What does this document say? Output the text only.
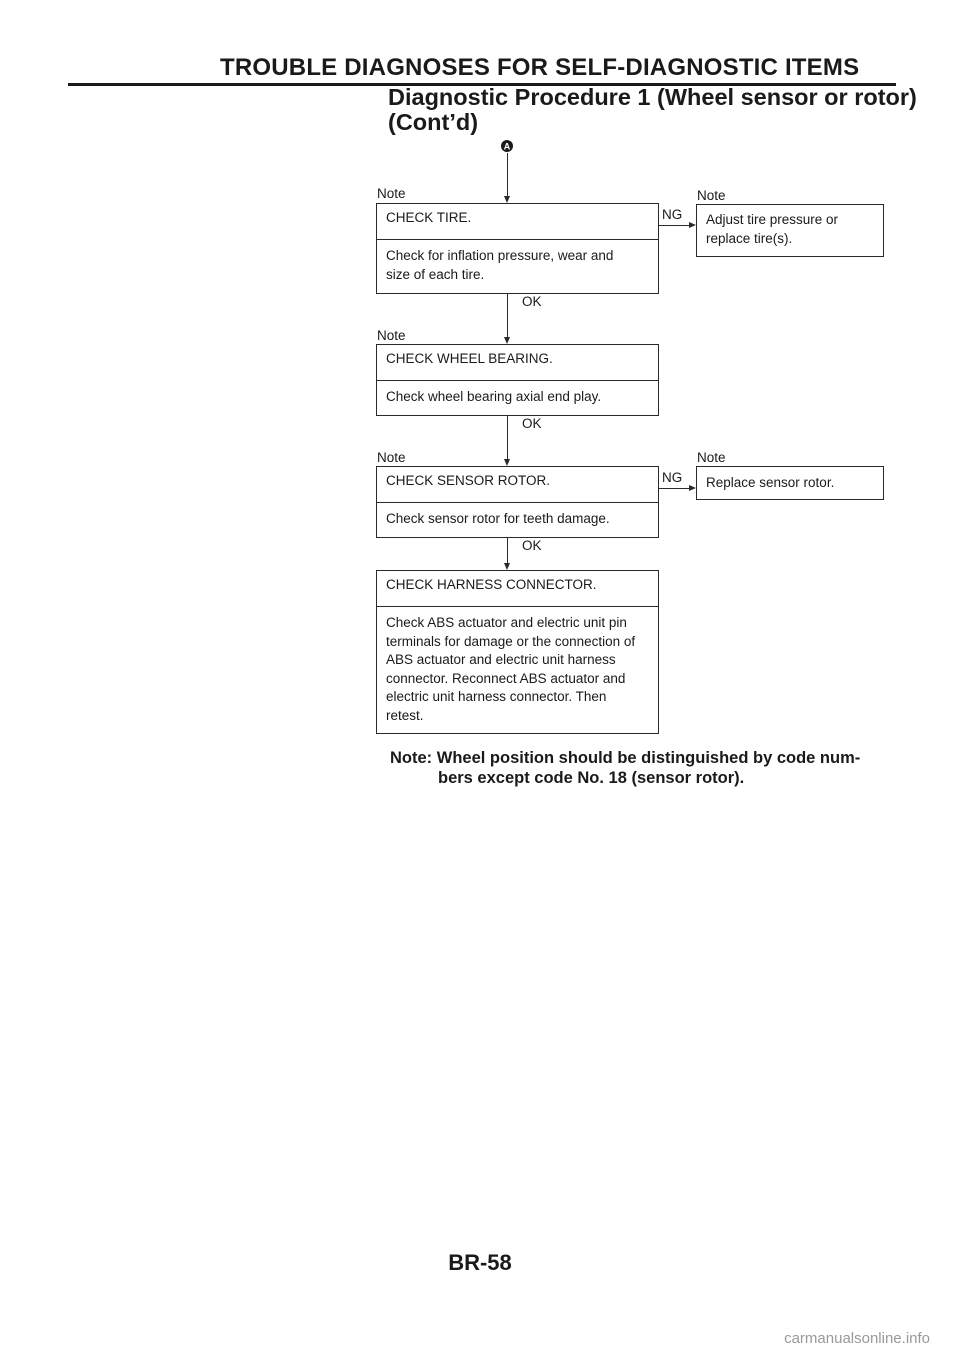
TROUBLE DIAGNOSES FOR SELF-DIAGNOSTIC ITEMS
Diagnostic Procedure 1 (Wheel sensor or rotor)
(Cont’d)
A
Note
CHECK TIRE.
Check for inflation pressure, wear and
size of each tire.
NG
Note
Adjust tire pressure or
replace tire(s).
OK
Note
CHECK WHEEL BEARING.
Check wheel bearing axial end play.
OK
Note
CHECK SENSOR ROTOR.
Check sensor rotor for teeth damage.
NG
Note
Replace sensor rotor.
OK
CHECK HARNESS CONNECTOR.
Check ABS actuator and electric unit pin
terminals for damage or the connection of
ABS actuator and electric unit harness
connector. Reconnect ABS actuator and
electric unit harness connector. Then
retest.
Note: Wheel position should be distinguished by code num-
bers except code No. 18 (sensor rotor).
BR-58
carmanualsonline.info
